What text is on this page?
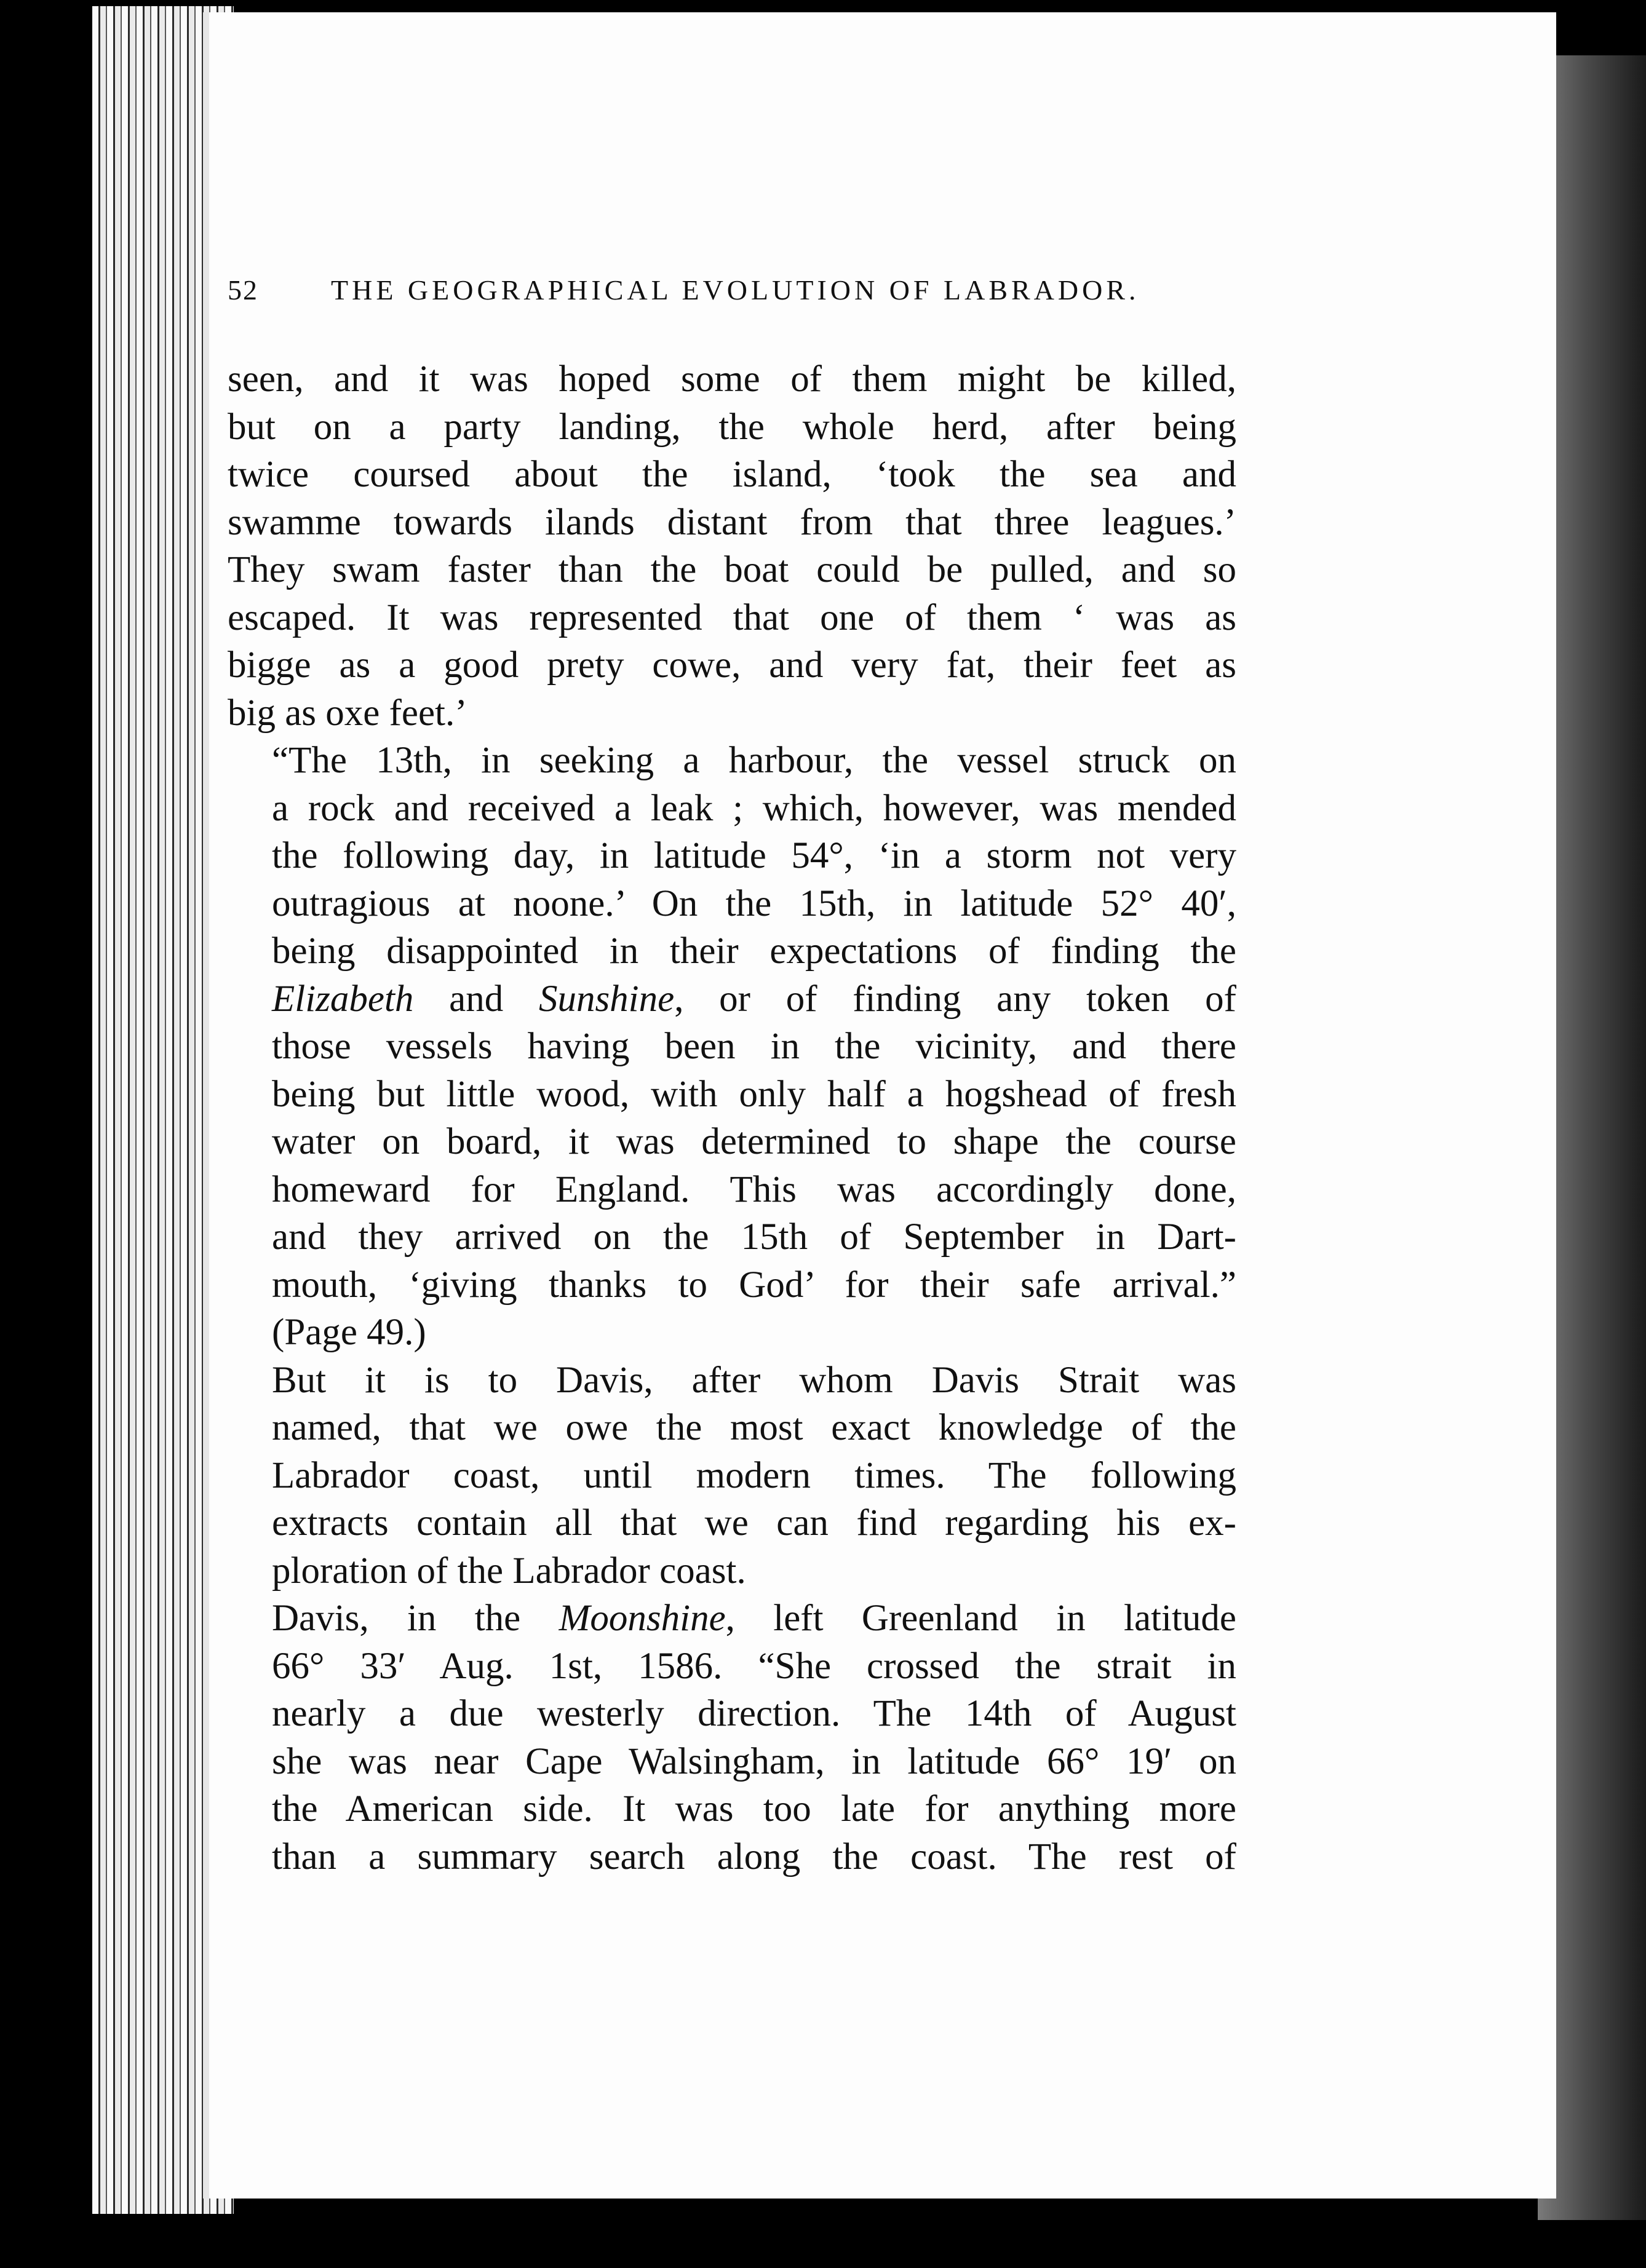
52	THE GEOGRAPHICAL EVOLUTION OF LABRADOR.

seen, and it was hoped some of them might be killed,
but on a party landing, the whole herd, after being
twice coursed about the island, ‘took the sea and
swamme towards ilands distant from that three leagues.’
They swam faster than the boat could be pulled, and so
escaped. It was represented that one of them ‘ was as
bigge as a good prety cowe, and very fat, their feet as
big as oxe feet.’

“The 13th, in seeking a harbour, the vessel struck on
a rock and received a leak ; which, however, was mended
the following day, in latitude 54°, ‘in a storm not very
outragious at noone.’ On the 15th, in latitude 52° 40′,
being disappointed in their expectations of finding the
Elizabeth and Sunshine, or of finding any token of
those vessels having been in the vicinity, and there
being but little wood, with only half a hogshead of fresh
water on board, it was determined to shape the course
homeward for England. This was accordingly done,
and they arrived on the 15th of September in Dart-
mouth, ‘giving thanks to God’ for their safe arrival.”
(Page 49.)

But it is to Davis, after whom Davis Strait was
named, that we owe the most exact knowledge of the
Labrador coast, until modern times. The following
extracts contain all that we can find regarding his ex-
ploration of the Labrador coast.

Davis, in the Moonshine, left Greenland in latitude
66° 33′ Aug. 1st, 1586. “She crossed the strait in
nearly a due westerly direction. The 14th of August
she was near Cape Walsingham, in latitude 66° 19′ on
the American side. It was too late for anything more
than a summary search along the coast. The rest of
